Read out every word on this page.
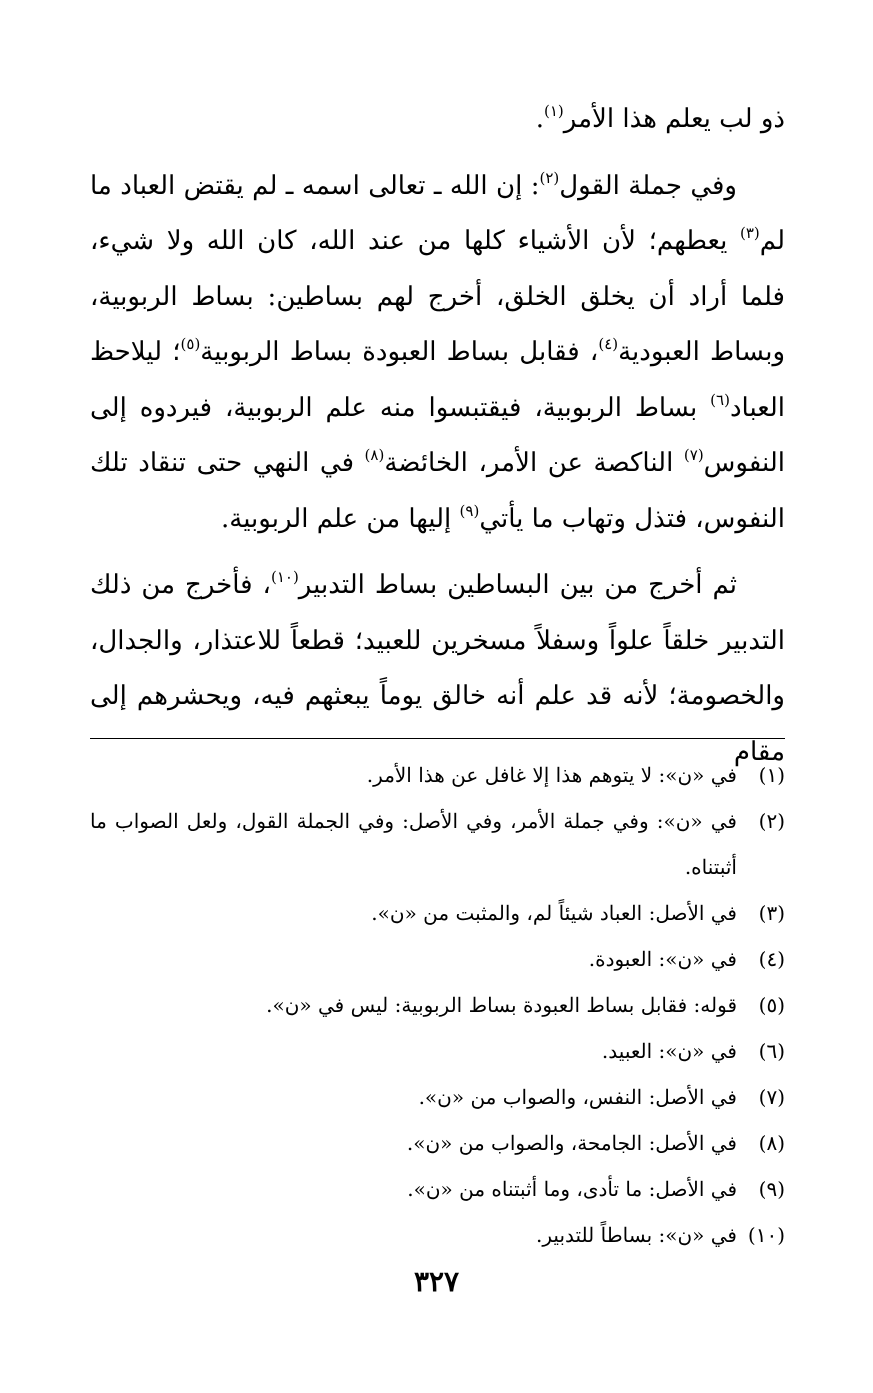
ذو لب يعلم هذا الأمر$^{(١)}$.

وفي جملة القول$^{(٢)}$: إن الله ـ تعالى اسمه ـ لم يقتض العباد ما لم$^{(٣)}$ يعطهم؛ لأن الأشياء كلها من عند الله، كان الله ولا شيء، فلما أراد أن يخلق الخلق، أخرج لهم بساطين: بساط الربوبية، وبساط العبودية$^{(٤)}$، فقابل بساط العبودة بساط الربوبية$^{(٥)}$؛ ليلاحظ العباد$^{(٦)}$ بساط الربوبية، فيقتبسوا منه علم الربوبية، فيردوه إلى النفوس$^{(٧)}$ الناكصة عن الأمر، الخائضة$^{(٨)}$ في النهي حتى تنقاد تلك النفوس، فتذل وتهاب ما يأتي$^{(٩)}$ إليها من علم الربوبية.

ثم أخرج من بين البساطين بساط التدبير$^{(١٠)}$، فأخرج من ذلك التدبير خلقاً علواً وسفلاً مسخرين للعبيد؛ قطعاً للاعتذار، والجدال، والخصومة؛ لأنه قد علم أنه خالق يوماً يبعثهم فيه، ويحشرهم إلى مقام

(١)
في «ن»: لا يتوهم هذا إلا غافل عن هذا الأمر.
(٢)
في «ن»: وفي جملة الأمر، وفي الأصل: وفي الجملة القول، ولعل الصواب ما أثبتناه.
(٣)
في الأصل: العباد شيئاً لم، والمثبت من «ن».
(٤)
في «ن»: العبودة.
(٥)
قوله: فقابل بساط العبودة بساط الربوبية: ليس في «ن».
(٦)
في «ن»: العبيد.
(٧)
في الأصل: النفس، والصواب من «ن».
(٨)
في الأصل: الجامحة، والصواب من «ن».
(٩)
في الأصل: ما تأدى، وما أثبتناه من «ن».
(١٠)
في «ن»: بساطاً للتدبير.
٣٢٧
